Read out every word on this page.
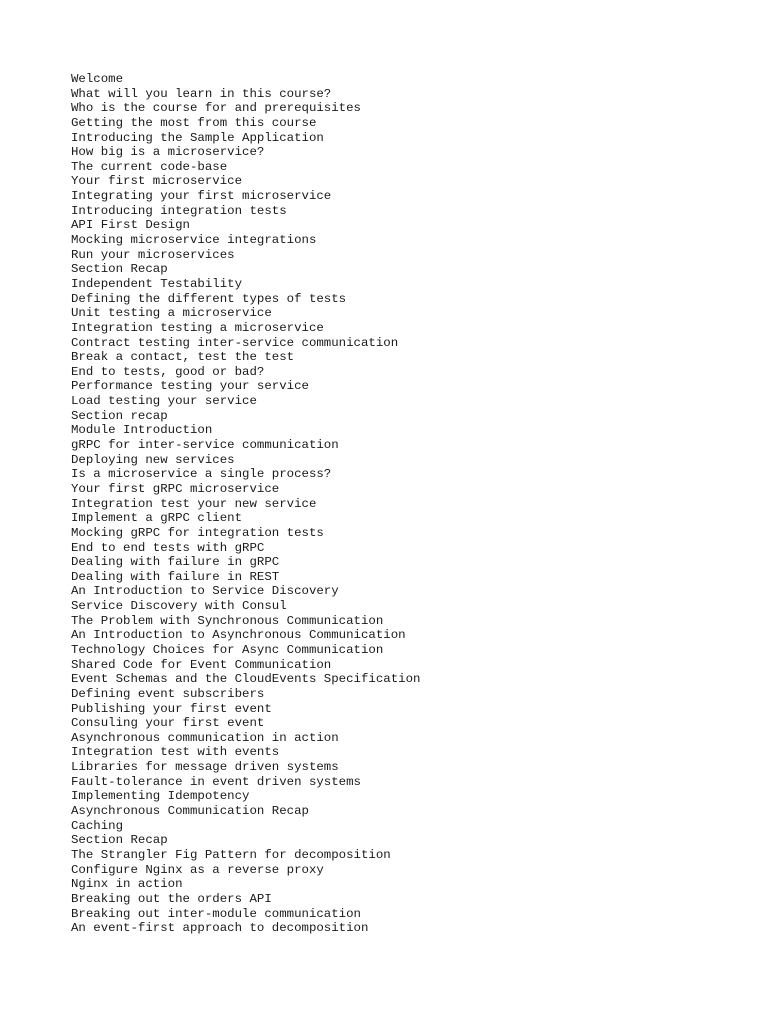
Welcome
What will you learn in this course?
Who is the course for and prerequisites
Getting the most from this course
Introducing the Sample Application
How big is a microservice?
The current code-base
Your first microservice
Integrating your first microservice
Introducing integration tests
API First Design
Mocking microservice integrations
Run your microservices
Section Recap
Independent Testability
Defining the different types of tests
Unit testing a microservice
Integration testing a microservice
Contract testing inter-service communication
Break a contact, test the test
End to tests, good or bad?
Performance testing your service
Load testing your service
Section recap
Module Introduction
gRPC for inter-service communication
Deploying new services
Is a microservice a single process?
Your first gRPC microservice
Integration test your new service
Implement a gRPC client
Mocking gRPC for integration tests
End to end tests with gRPC
Dealing with failure in gRPC
Dealing with failure in REST
An Introduction to Service Discovery
Service Discovery with Consul
The Problem with Synchronous Communication
An Introduction to Asynchronous Communication
Technology Choices for Async Communication
Shared Code for Event Communication
Event Schemas and the CloudEvents Specification
Defining event subscribers
Publishing your first event
Consuling your first event
Asynchronous communication in action
Integration test with events
Libraries for message driven systems
Fault-tolerance in event driven systems
Implementing Idempotency
Asynchronous Communication Recap
Caching
Section Recap
The Strangler Fig Pattern for decomposition
Configure Nginx as a reverse proxy
Nginx in action
Breaking out the orders API
Breaking out inter-module communication
An event-first approach to decomposition
